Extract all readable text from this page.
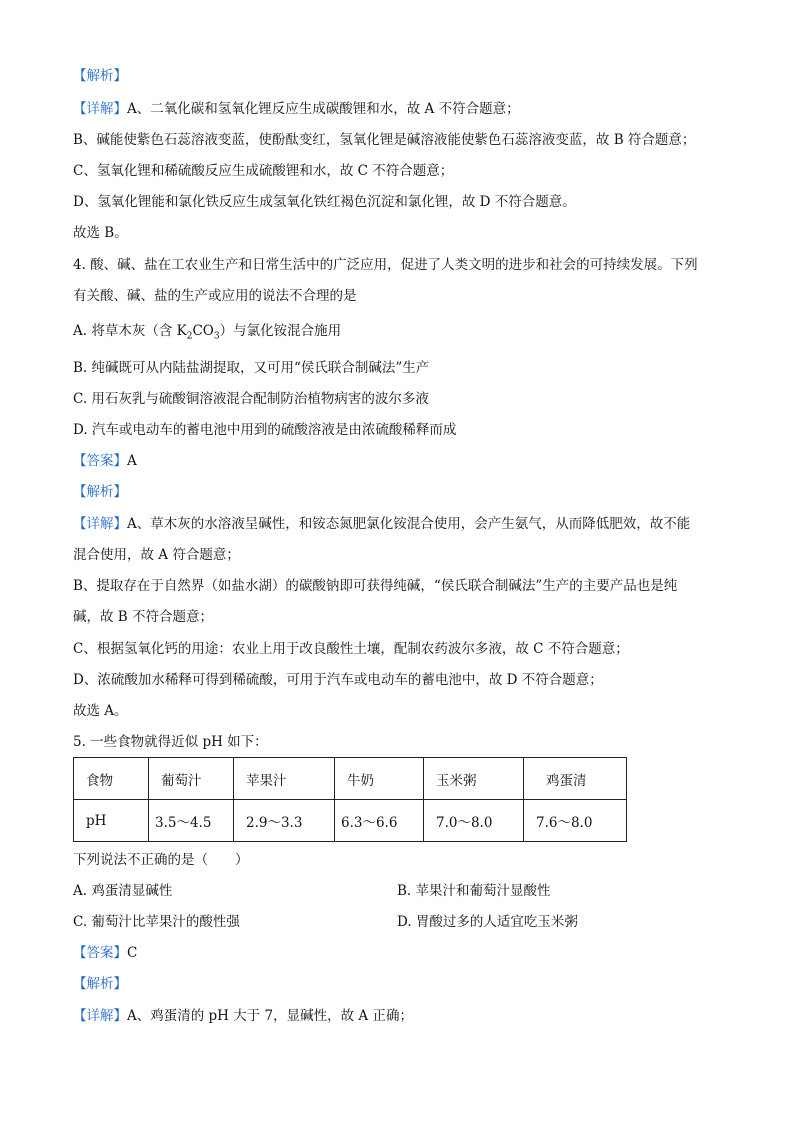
【解析】
【详解】A、二氧化碳和氢氧化锂反应生成碳酸锂和水，故 A 不符合题意；
B、碱能使紫色石蕊溶液变蓝，使酚酞变红，氢氧化锂是碱溶液能使紫色石蕊溶液变蓝，故 B 符合题意；
C、氢氧化锂和稀硫酸反应生成硫酸锂和水，故 C 不符合题意；
D、氢氧化锂能和氯化铁反应生成氢氧化铁红褐色沉淀和氯化锂，故 D 不符合题意。
故选 B。
4. 酸、碱、盐在工农业生产和日常生活中的广泛应用，促进了人类文明的进步和社会的可持续发展。下列
有关酸、碱、盐的生产或应用的说法不合理的是
A. 将草木灰（含 $K_2CO_3$）与氯化铵混合施用
B. 纯碱既可从内陆盐湖提取，又可用“侯氏联合制碱法”生产
C. 用石灰乳与硫酸铜溶液混合配制防治植物病害的波尔多液
D. 汽车或电动车的蓄电池中用到的硫酸溶液是由浓硫酸稀释而成
【答案】A
【解析】
【详解】A、草木灰的水溶液呈碱性，和铵态氮肥氯化铵混合使用，会产生氨气，从而降低肥效，故不能
混合使用，故 A 符合题意；
B、提取存在于自然界（如盐水湖）的碳酸钠即可获得纯碱，“侯氏联合制碱法”生产的主要产品也是纯
碱，故 B 不符合题意；
C、根据氢氧化钙的用途：农业上用于改良酸性土壤，配制农药波尔多液，故 C 不符合题意；
D、浓硫酸加水稀释可得到稀硫酸，可用于汽车或电动车的蓄电池中，故 D 不符合题意；
故选 A。
5. 一些食物就得近似 pH 如下：
食物	葡萄汁	苹果汁	牛奶	玉米粥	鸡蛋清
pH	3.5～4.5	2.9～3.3	6.3～6.6	7.0～8.0	7.6～8.0
下列说法不正确的是（　　）
A. 鸡蛋清显碱性	B. 苹果汁和葡萄汁显酸性
C. 葡萄汁比苹果汁的酸性强	D. 胃酸过多的人适宜吃玉米粥
【答案】C
【解析】
【详解】A、鸡蛋清的 pH 大于 7，显碱性，故 A 正确；
